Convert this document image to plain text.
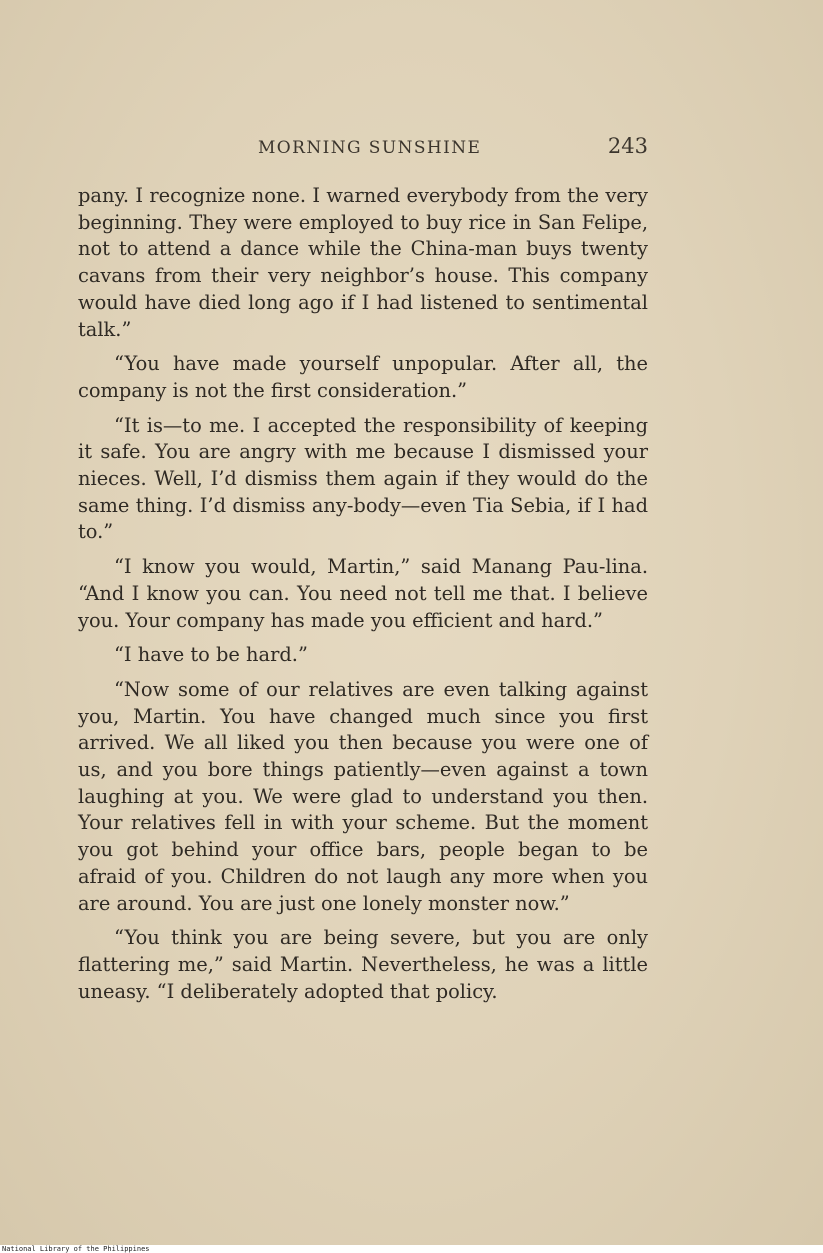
MORNING SUNSHINE	243

pany. I recognize none. I warned everybody from the very beginning. They were employed to buy rice in San Felipe, not to attend a dance while the China-man buys twenty cavans from their very neighbor’s house. This company would have died long ago if I had listened to sentimental talk.”

“You have made yourself unpopular. After all, the company is not the first consideration.”

“It is—to me. I accepted the responsibility of keeping it safe. You are angry with me because I dismissed your nieces. Well, I’d dismiss them again if they would do the same thing. I’d dismiss any-body—even Tia Sebia, if I had to.”

“I know you would, Martin,” said Manang Pau-lina. “And I know you can. You need not tell me that. I believe you. Your company has made you efficient and hard.”

“I have to be hard.”

“Now some of our relatives are even talking against you, Martin. You have changed much since you first arrived. We all liked you then because you were one of us, and you bore things patiently—even against a town laughing at you. We were glad to understand you then. Your relatives fell in with your scheme. But the moment you got behind your office bars, people began to be afraid of you. Children do not laugh any more when you are around. You are just one lonely monster now.”

“You think you are being severe, but you are only flattering me,” said Martin. Nevertheless, he was a little uneasy. “I deliberately adopted that policy.

National Library of the Philippines
